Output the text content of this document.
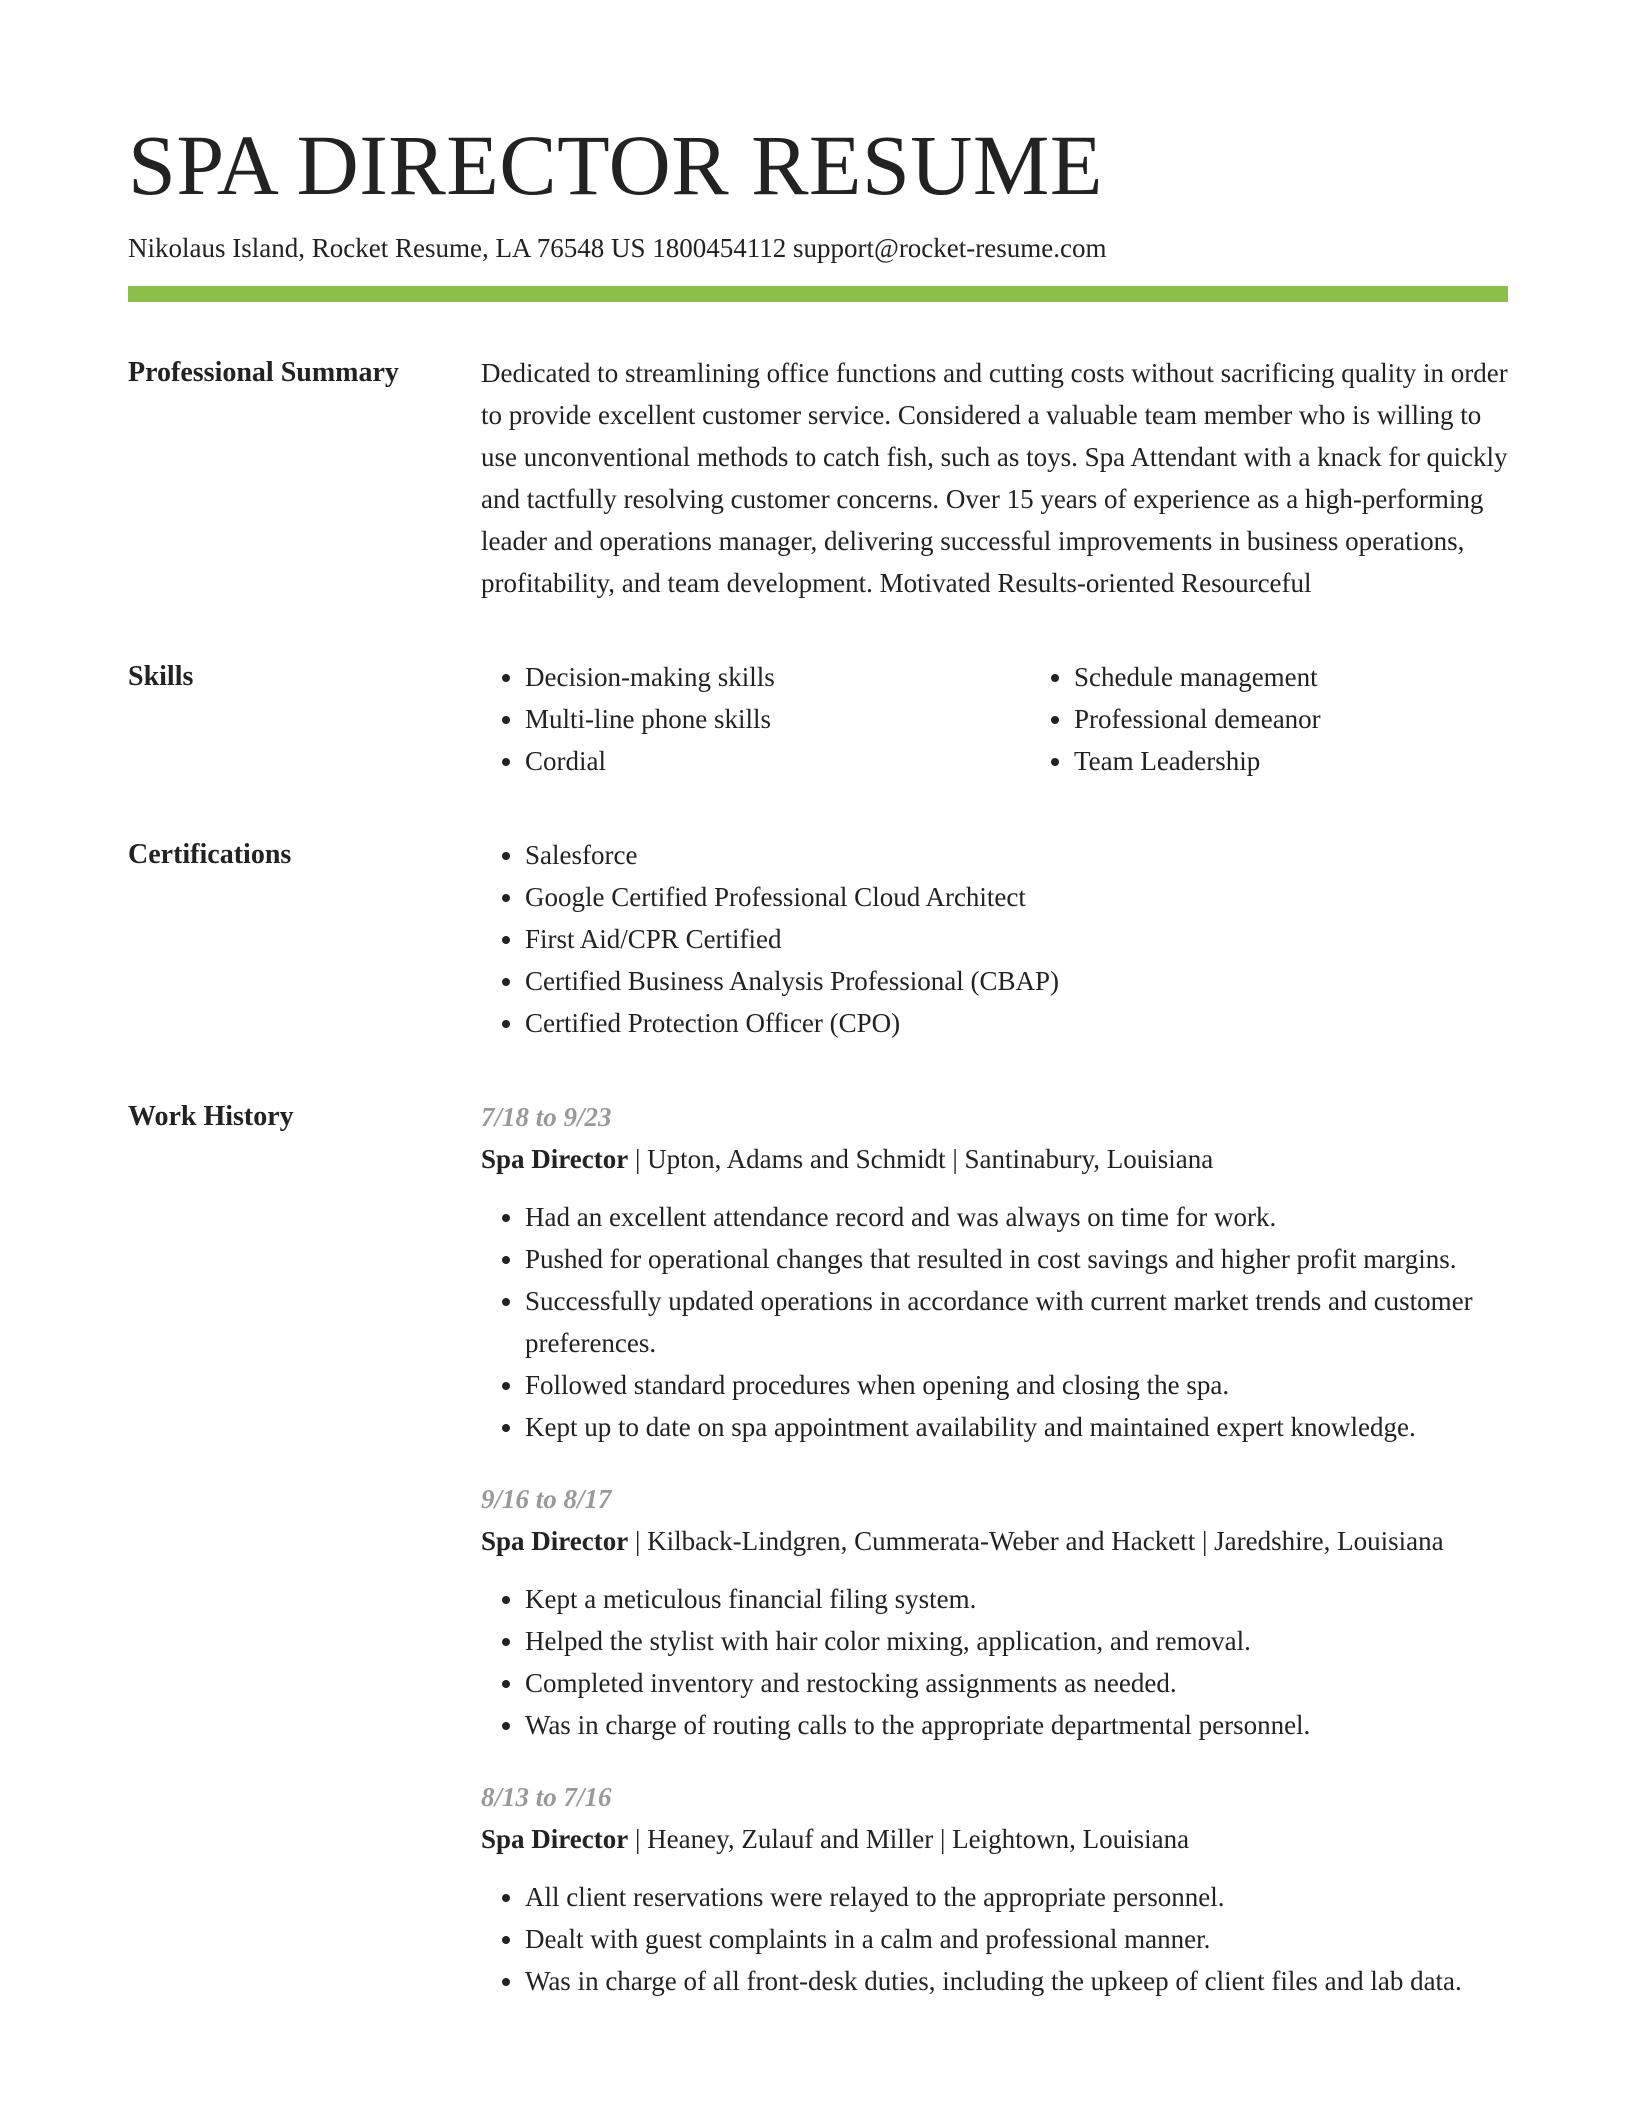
SPA DIRECTOR RESUME
Nikolaus Island, Rocket Resume, LA 76548 US 1800454112 support@rocket-resume.com
Professional Summary	Dedicated to streamlining office functions and cutting costs without sacrificing quality in order to provide excellent customer service. Considered a valuable team member who is willing to use unconventional methods to catch fish, such as toys. Spa Attendant with a knack for quickly and tactfully resolving customer concerns. Over 15 years of experience as a high-performing leader and operations manager, delivering successful improvements in business operations, profitability, and team development. Motivated Results-oriented Resourceful

Skills	• Decision-making skills
• Multi-line phone skills
• Cordial
• Schedule management
• Professional demeanor
• Team Leadership
Certifications	• Salesforce
• Google Certified Professional Cloud Architect
• First Aid/CPR Certified
• Certified Business Analysis Professional (CBAP)
• Certified Protection Officer (CPO)
Work History	7/18 to 9/23
Spa Director | Upton, Adams and Schmidt | Santinabury, Louisiana
• Had an excellent attendance record and was always on time for work.
• Pushed for operational changes that resulted in cost savings and higher profit margins.
• Successfully updated operations in accordance with current market trends and customer preferences.
• Followed standard procedures when opening and closing the spa.
• Kept up to date on spa appointment availability and maintained expert knowledge.
9/16 to 8/17
Spa Director | Kilback-Lindgren, Cummerata-Weber and Hackett | Jaredshire, Louisiana
• Kept a meticulous financial filing system.
• Helped the stylist with hair color mixing, application, and removal.
• Completed inventory and restocking assignments as needed.
• Was in charge of routing calls to the appropriate departmental personnel.
8/13 to 7/16
Spa Director | Heaney, Zulauf and Miller | Leightown, Louisiana
• All client reservations were relayed to the appropriate personnel.
• Dealt with guest complaints in a calm and professional manner.
• Was in charge of all front-desk duties, including the upkeep of client files and lab data.
